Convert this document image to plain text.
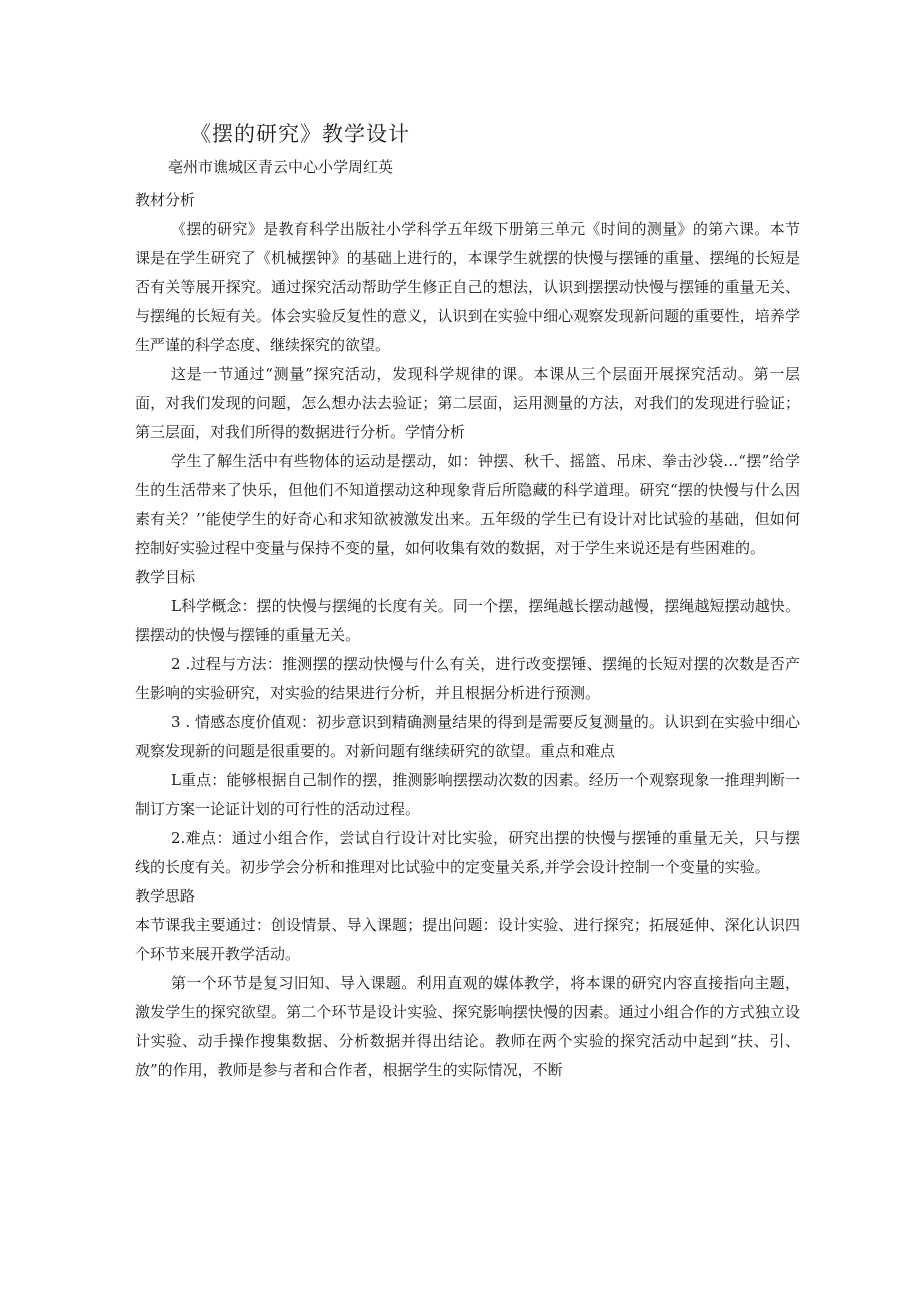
《摆的研究》教学设计
亳州市谯城区青云中心小学周红英

教材分析

《摆的研究》是教育科学出版社小学科学五年级下册第三单元《时间的测量》的第六课。本节课是在学生研究了《机械摆钟》的基础上进行的，本课学生就摆的快慢与摆锤的重量、摆绳的长短是否有关等展开探究。通过探究活动帮助学生修正自己的想法，认识到摆摆动快慢与摆锤的重量无关、与摆绳的长短有关。体会实验反复性的意义，认识到在实验中细心观察发现新问题的重要性，培养学生严谨的科学态度、继续探究的欲望。

这是一节通过“测量”探究活动，发现科学规律的课。本课从三个层面开展探究活动。第一层面，对我们发现的问题，怎么想办法去验证；第二层面，运用测量的方法，对我们的发现进行验证；第三层面，对我们所得的数据进行分析。学情分析

学生了解生活中有些物体的运动是摆动，如：钟摆、秋千、摇篮、吊床、拳击沙袋…“摆”给学生的生活带来了快乐，但他们不知道摆动这种现象背后所隐藏的科学道理。研究“摆的快慢与什么因素有关？’’能使学生的好奇心和求知欲被激发出来。五年级的学生已有设计对比试验的基础，但如何控制好实验过程中变量与保持不变的量，如何收集有效的数据，对于学生来说还是有些困难的。

教学目标

L科学概念：摆的快慢与摆绳的长度有关。同一个摆，摆绳越长摆动越慢，摆绳越短摆动越快。摆摆动的快慢与摆锤的重量无关。

2 .过程与方法：推测摆的摆动快慢与什么有关，进行改变摆锤、摆绳的长短对摆的次数是否产生影响的实验研究，对实验的结果进行分析，并且根据分析进行预测。

3 . 情感态度价值观：初步意识到精确测量结果的得到是需要反复测量的。认识到在实验中细心观察发现新的问题是很重要的。对新问题有继续研究的欲望。重点和难点

L重点：能够根据自己制作的摆，推测影响摆摆动次数的因素。经历一个观察现象一推理判断一制订方案一论证计划的可行性的活动过程。

2.难点：通过小组合作，尝试自行设计对比实验，研究出摆的快慢与摆锤的重量无关，只与摆线的长度有关。初步学会分析和推理对比试验中的定变量关系,并学会设计控制一个变量的实验。

教学思路

本节课我主要通过：创设情景、导入课题；提出问题：设计实验、进行探究；拓展延伸、深化认识四个环节来展开教学活动。

第一个环节是复习旧知、导入课题。利用直观的媒体教学，将本课的研究内容直接指向主题，激发学生的探究欲望。第二个环节是设计实验、探究影响摆快慢的因素。通过小组合作的方式独立设计实验、动手操作搜集数据、分析数据并得出结论。教师在两个实验的探究活动中起到“扶、引、放”的作用，教师是参与者和合作者，根据学生的实际情况，不断
